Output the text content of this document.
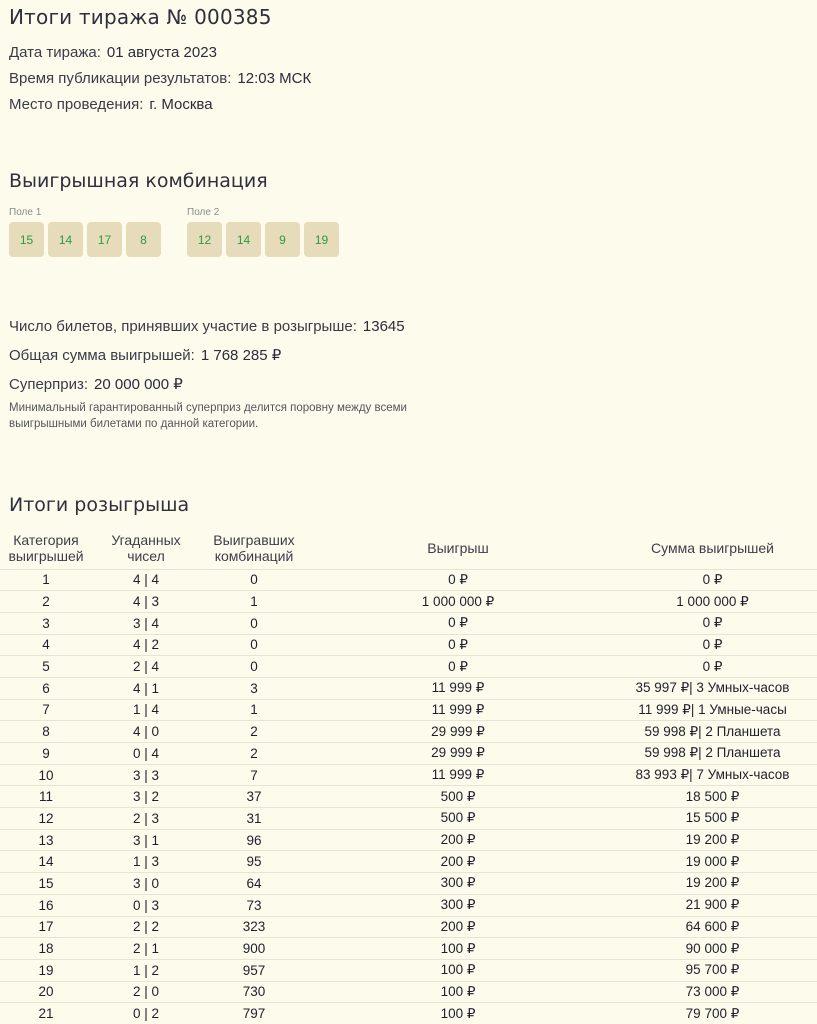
Итоги тиража № 000385
Дата тиража: 01 августа 2023
Время публикации результатов: 12:03 МСК
Место проведения: г. Москва
Выигрышная комбинация
Поле 1
15	14	17	8
Поле 2
12	14	9	19
Число билетов, принявших участие в розыгрыше: 13645
Общая сумма выигрышей: 1 768 285 ₽
Суперприз: 20 000 000 ₽
Минимальный гарантированный суперприз делится поровну между всеми выигрышными билетами по данной категории.
Итоги розыгрыша
Категория выигрышей	Угаданных чисел	Выигравших комбинаций	Выигрыш	Сумма выигрышей
1	4 | 4	0	0 ₽	0 ₽
2	4 | 3	1	1 000 000 ₽	1 000 000 ₽
3	3 | 4	0	0 ₽	0 ₽
4	4 | 2	0	0 ₽	0 ₽
5	2 | 4	0	0 ₽	0 ₽
6	4 | 1	3	11 999 ₽	35 997 ₽| 3 Умных-часов
7	1 | 4	1	11 999 ₽	11 999 ₽| 1 Умные-часы
8	4 | 0	2	29 999 ₽	59 998 ₽| 2 Планшета
9	0 | 4	2	29 999 ₽	59 998 ₽| 2 Планшета
10	3 | 3	7	11 999 ₽	83 993 ₽| 7 Умных-часов
11	3 | 2	37	500 ₽	18 500 ₽
12	2 | 3	31	500 ₽	15 500 ₽
13	3 | 1	96	200 ₽	19 200 ₽
14	1 | 3	95	200 ₽	19 000 ₽
15	3 | 0	64	300 ₽	19 200 ₽
16	0 | 3	73	300 ₽	21 900 ₽
17	2 | 2	323	200 ₽	64 600 ₽
18	2 | 1	900	100 ₽	90 000 ₽
19	1 | 2	957	100 ₽	95 700 ₽
20	2 | 0	730	100 ₽	73 000 ₽
21	0 | 2	797	100 ₽	79 700 ₽
